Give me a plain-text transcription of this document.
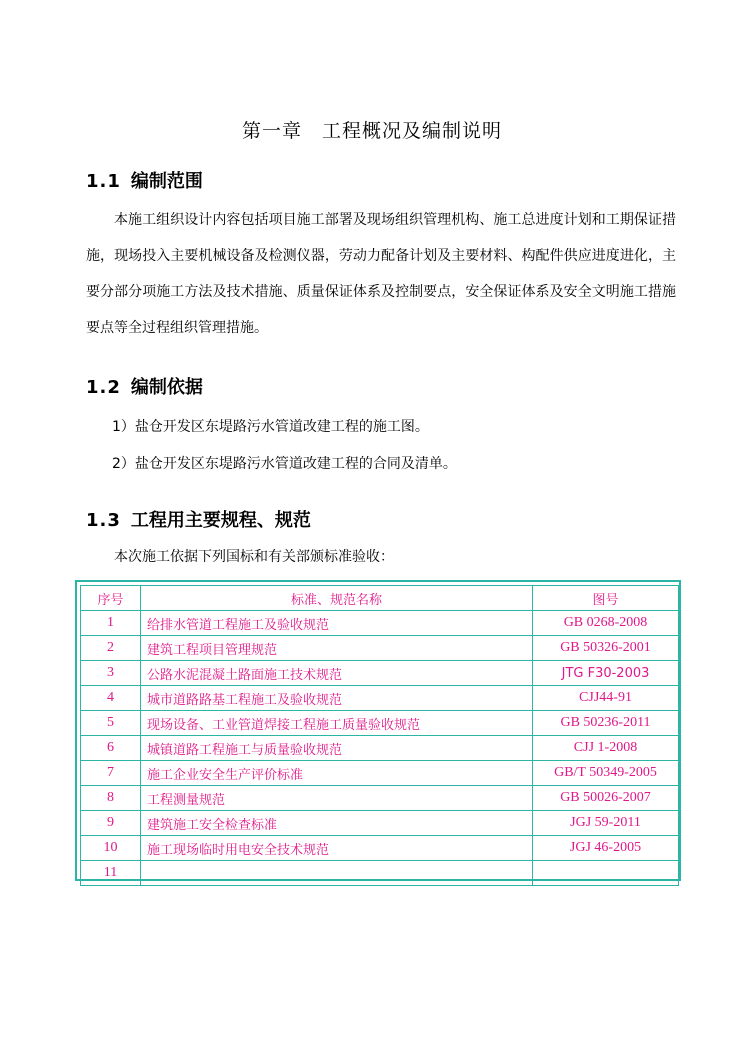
第一章　工程概况及编制说明
1.1 编制范围

本施工组织设计内容包括项目施工部署及现场组织管理机构、施工总进度计划和工期保证措施，现场投入主要机械设备及检测仪器，劳动力配备计划及主要材料、构配件供应进度进化，主要分部分项施工方法及技术措施、质量保证体系及控制要点，安全保证体系及安全文明施工措施要点等全过程组织管理措施。

1.2 编制依据

1）盐仓开发区东堤路污水管道改建工程的施工图。

2）盐仓开发区东堤路污水管道改建工程的合同及清单。

1.3 工程用主要规程、规范

本次施工依据下列国标和有关部颁标准验收：

序号	标准、规范名称	图号
1	给排水管道工程施工及验收规范	GB 0268-2008
2	建筑工程项目管理规范	GB 50326-2001
3	公路水泥混凝土路面施工技术规范	JTG F30-2003
4	城市道路路基工程施工及验收规范	CJJ44-91
5	现场设备、工业管道焊接工程施工质量验收规范	GB 50236-2011
6	城镇道路工程施工与质量验收规范	CJJ 1-2008
7	施工企业安全生产评价标准	GB/T 50349-2005
8	工程测量规范	GB 50026-2007
9	建筑施工安全检查标准	JGJ 59-2011
10	施工现场临时用电安全技术规范	JGJ 46-2005
11		
